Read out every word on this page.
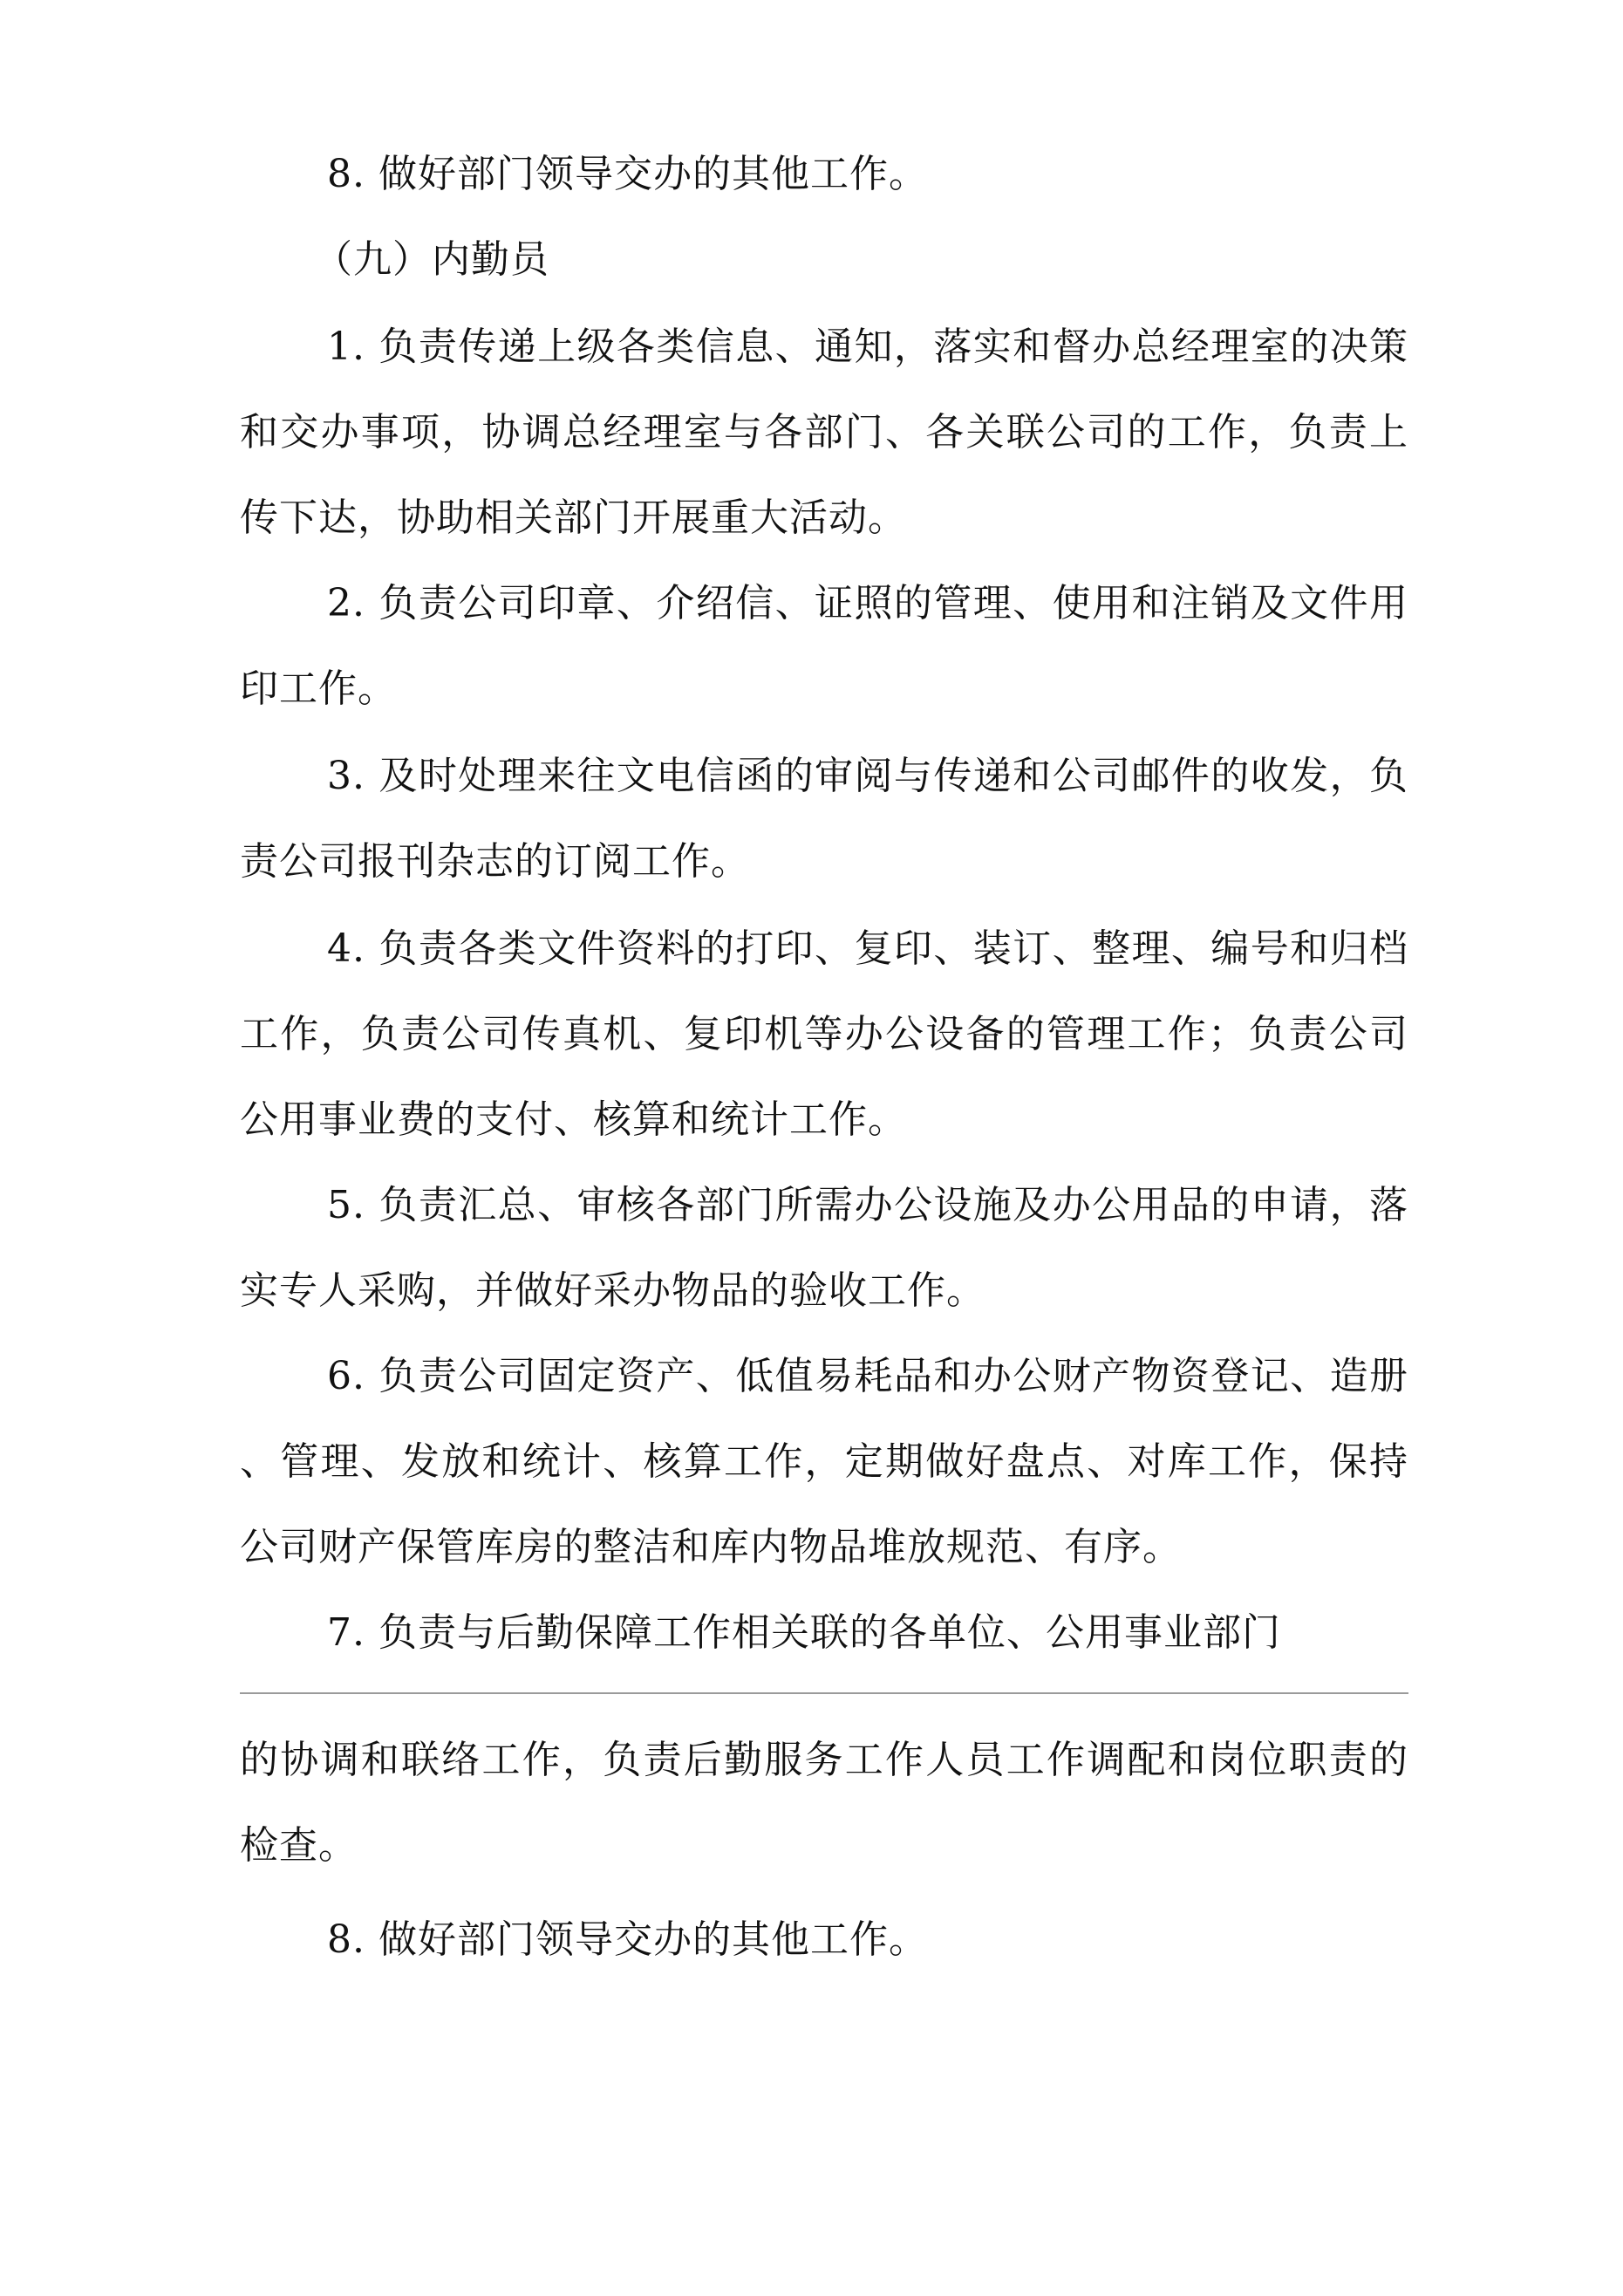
8. 做好部门领导交办的其他工作。
（九）内勤员
1. 负责传递上级各类信息、通知，落实和督办总经理室的决策
和交办事项，协调总经理室与各部门、各关联公司的工作，负责上
传下达，协助相关部门开展重大活动。
2. 负责公司印章、介绍信、证照的管理、使用和注销及文件用
印工作。
3. 及时处理来往文电信函的审阅与传递和公司邮件的收发，负
责公司报刊杂志的订阅工作。
4. 负责各类文件资料的打印、复印、装订、整理、编号和归档
工作，负责公司传真机、复印机等办公设备的管理工作；负责公司
公用事业费的支付、核算和统计工作。
5. 负责汇总、审核各部门所需办公设施及办公用品的申请，落
实专人采购，并做好采办物品的验收工作。
6. 负责公司固定资产、低值易耗品和办公财产物资登记、造册
、管理、发放和统计、核算工作，定期做好盘点、对库工作，保持
公司财产保管库房的整洁和库内物品堆放规范、有序。
7. 负责与后勤保障工作相关联的各单位、公用事业部门
的协调和联络工作，负责后勤服务工作人员工作调配和岗位职责的
检查。
8. 做好部门领导交办的其他工作。
